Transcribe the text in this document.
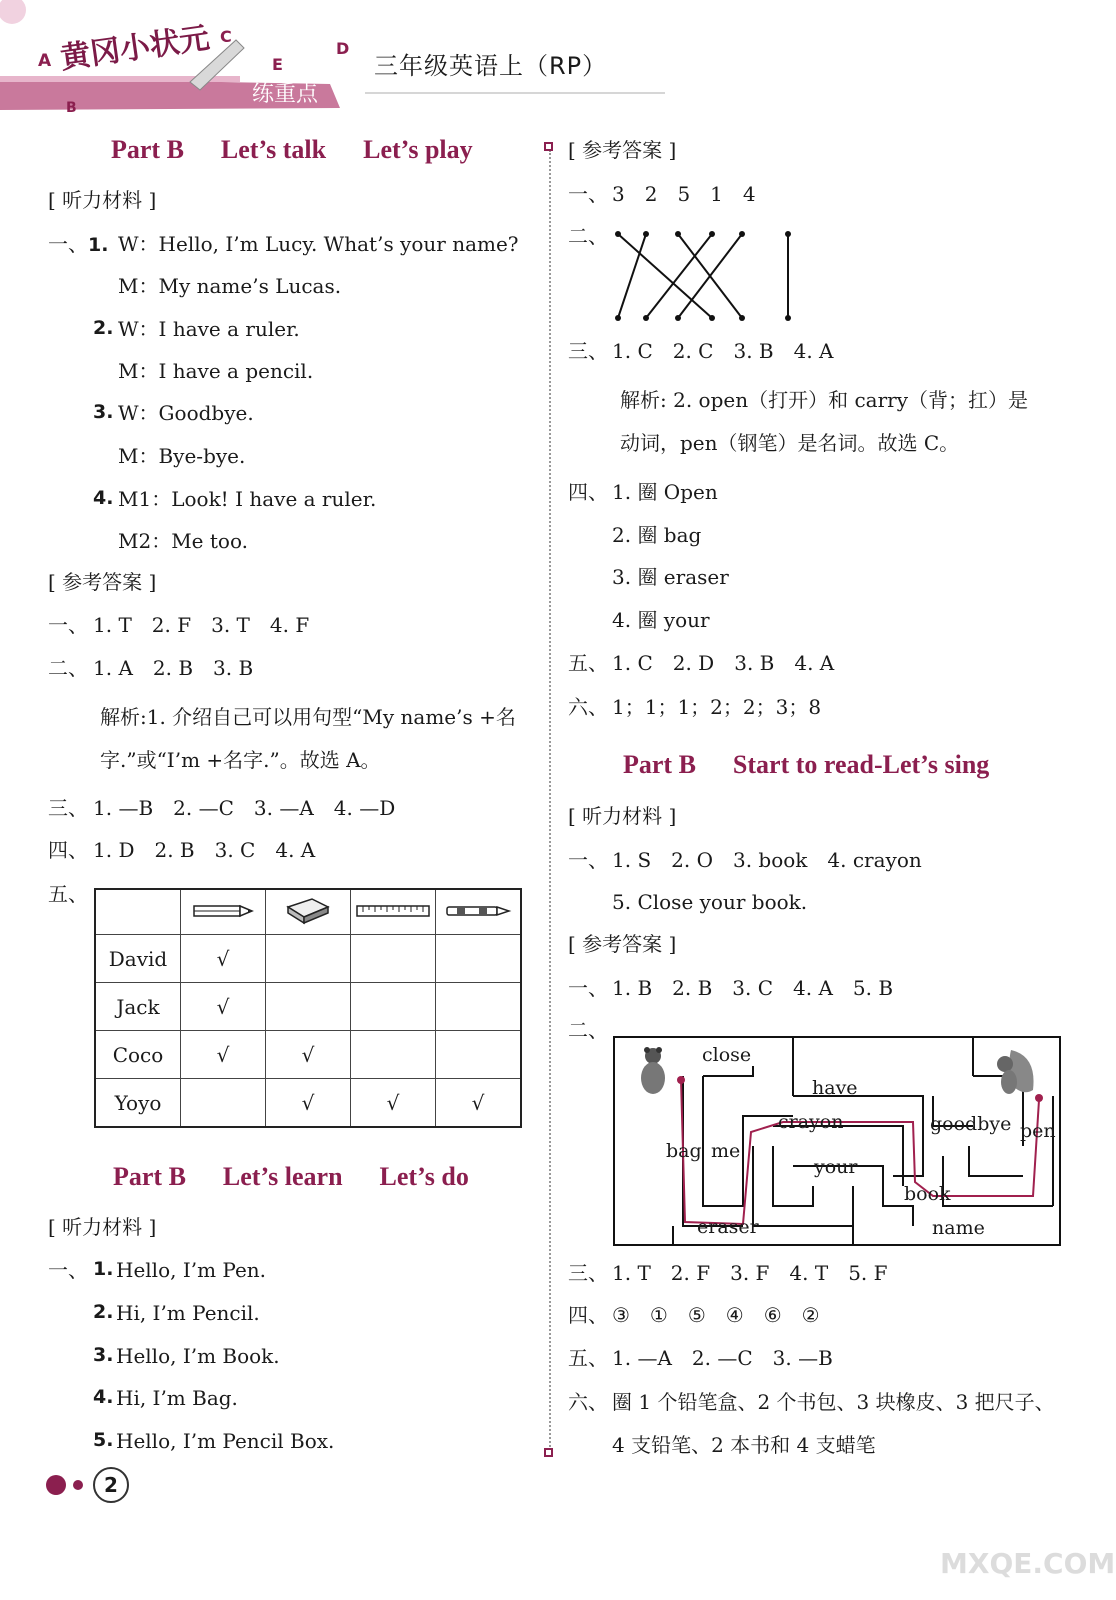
A
C
E
D
B
黄冈小状元
练重点
三年级英语上（RP）
Part B Let’s talk Let’s play
[ 听力材料 ]
一、1. W：Hello, I’m Lucy. What’s your name?
M：My name’s Lucas.
2. W：I have a ruler.
M：I have a pencil.
3. W：Goodbye.
M：Bye-bye.
4. M1：Look! I have a ruler.
M2：Me too.
[ 参考答案 ]
一、 1. T　2. F　3. T　4. F
二、 1. A　2. B　3. B
解析:1. 介绍自己可以用句型“My name’s +名
字.”或“I’m +名字.”。故选 A。
三、 1. —B　2. —C　3. —A　4. —D
四、 1. D　2. B　3. C　4. A
五、

David	√			
Jack	√			
Coco	√	√		
Yoyo		√	√	√
Part B Let’s learn Let’s do
[ 听力材料 ]
一、 1. Hello, I’m Pen.
2. Hi, I’m Pencil.
3. Hello, I’m Book.
4. Hi, I’m Bag.
5. Hello, I’m Pencil Box.
[ 参考答案 ]
一、 3　2　5　1　4
二、
三、 1. C　2. C　3. B　4. A
解析: 2. open（打开）和 carry（背；扛）是
动词，pen（钢笔）是名词。故选 C。
四、 1. 圈 Open
2. 圈 bag
3. 圈 eraser
4. 圈 your
五、 1. C　2. D　3. B　4. A
六、 1；1；1；2；2；3；8
Part B Start to read-Let’s sing
[ 听力材料 ]
一、 1. S　2. O　3. book　4. crayon
5. Close your book.
[ 参考答案 ]
一、 1. B　2. B　3. C　4. A　5. B
二、
close
have
crayon	goodbye pen
bag me
your
book
eraser	name
三、 1. T　2. F　3. F　4. T　5. F
四、 ③　①　⑤　④　⑥　②
五、 1. —A　2. —C　3. —B
六、 圈 1 个铅笔盒、2 个书包、3 块橡皮、3 把尺子、
4 支铅笔、2 本书和 4 支蜡笔
2
MXQE.COM
